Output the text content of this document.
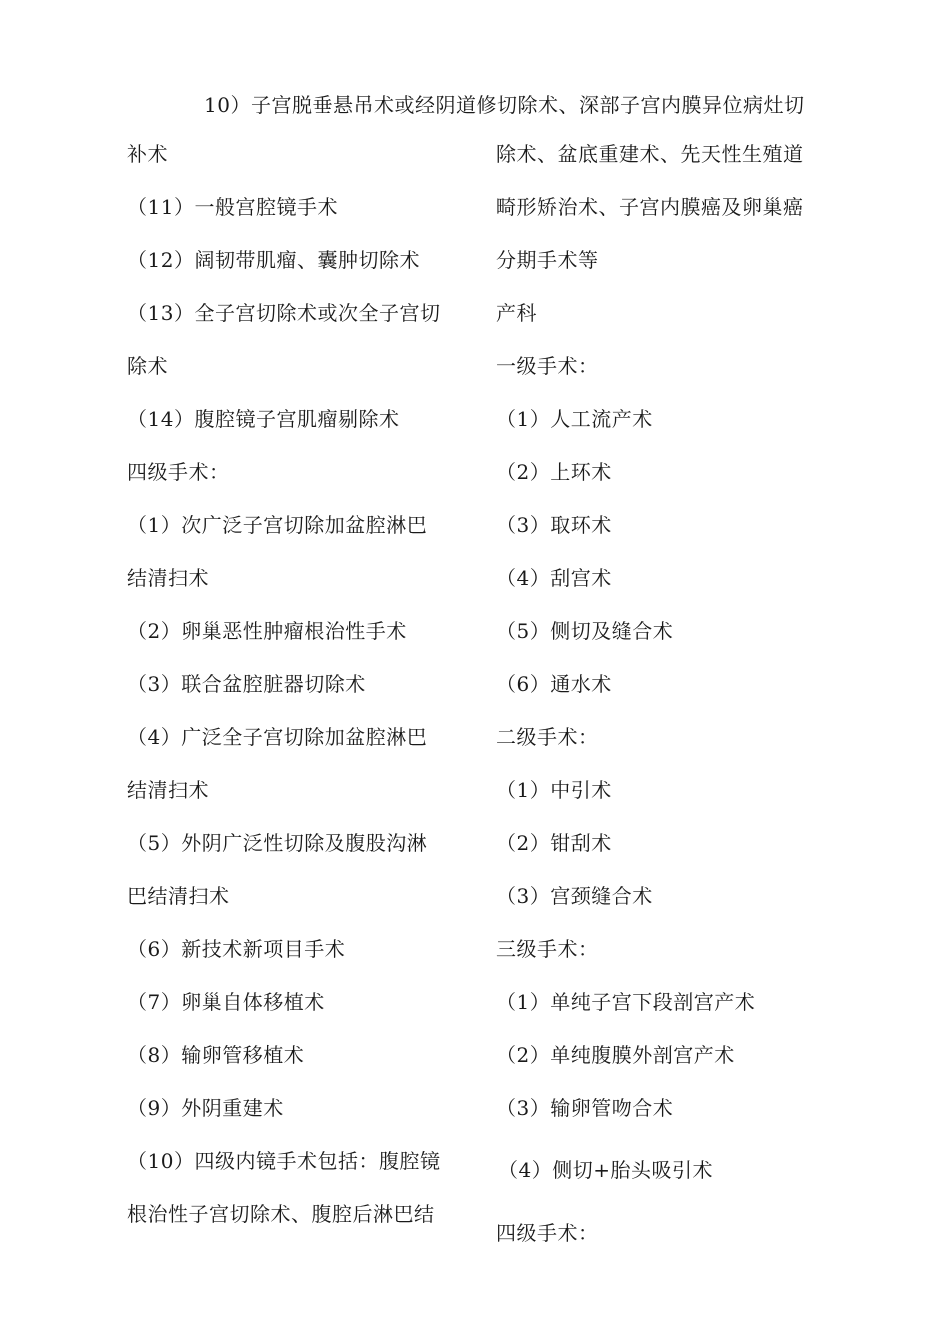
10）子宫脱垂悬吊术或经阴道修切除术、深部子宫内膜异位病灶切
补术
（11）一般宫腔镜手术
（12）阔韧带肌瘤、囊肿切除术
（13）全子宫切除术或次全子宫切
除术
（14）腹腔镜子宫肌瘤剔除术
四级手术：
（1）次广泛子宫切除加盆腔淋巴
结清扫术
（2）卵巢恶性肿瘤根治性手术
（3）联合盆腔脏器切除术
（4）广泛全子宫切除加盆腔淋巴
结清扫术
（5）外阴广泛性切除及腹股沟淋
巴结清扫术
（6）新技术新项目手术
（7）卵巢自体移植术
（8）输卵管移植术
（9）外阴重建术
（10）四级内镜手术包括：腹腔镜
根治性子宫切除术、腹腔后淋巴结
除术、盆底重建术、先天性生殖道
畸形矫治术、子宫内膜癌及卵巢癌
分期手术等
产科
一级手术：
（1）人工流产术
（2）上环术
（3）取环术
（4）刮宫术
（5）侧切及缝合术
（6）通水术
二级手术：
（1）中引术
（2）钳刮术
（3）宫颈缝合术
三级手术：
（1）单纯子宫下段剖宫产术
（2）单纯腹膜外剖宫产术
（3）输卵管吻合术
（4）侧切+胎头吸引术
四级手术：
